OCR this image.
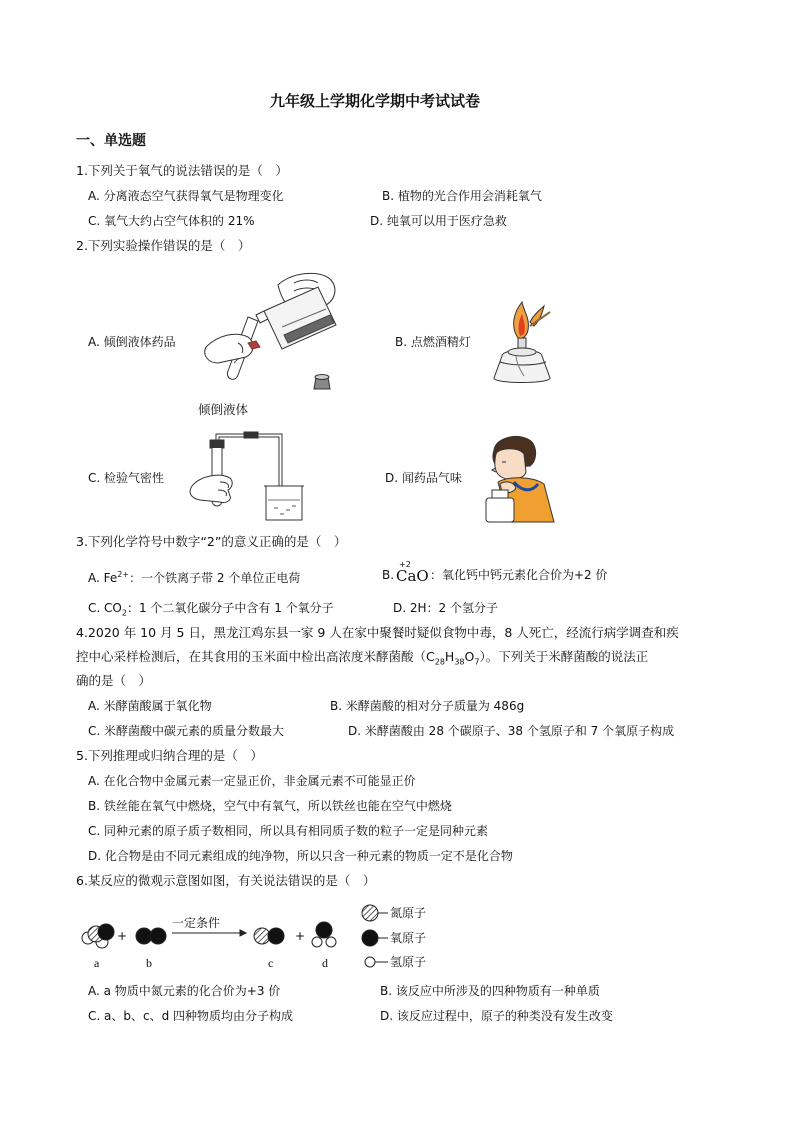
九年级上学期化学期中考试试卷
一、单选题
1.下列关于氧气的说法错误的是（　）
A. 分离液态空气获得氧气是物理变化	B. 植物的光合作用会消耗氧气
C. 氧气大约占空气体积的 21%	D. 纯氧可以用于医疗急救
2.下列实验操作错误的是（　）
A. 倾倒液体药品
倾倒液体
B. 点燃酒精灯
C. 检验气密性	D. 闻药品气味
3.下列化学符号中数字“2”的意义正确的是（　）
A. $Fe^{2+}$：一个铁离子带 2 个单位正电荷	B.
+2
CaO ：氧化钙中钙元素化合价为+2 价
C. $CO_2$：1 个二氧化碳分子中含有 1 个氧分子	D. 2H：2 个氢分子
4.2020 年 10 月 5 日，黑龙江鸡东县一家 9 人在家中聚餐时疑似食物中毒，8 人死亡，经流行病学调查和疾
控中心采样检测后，在其食用的玉米面中检出高浓度米酵菌酸$(C_{28}H_{38}O_7)$。下列关于米酵菌酸的说法正
确的是（　）
A. 米酵菌酸属于氧化物	B. 米酵菌酸的相对分子质量为 486g
C. 米酵菌酸中碳元素的质量分数最大	D. 米酵菌酸由 28 个碳原子、38 个氢原子和 7 个氧原子构成
5.下列推理或归纳合理的是（　）
A. 在化合物中金属元素一定显正价，非金属元素不可能显正价
B. 铁丝能在氧气中燃烧，空气中有氧气，所以铁丝也能在空气中燃烧
C. 同种元素的原子质子数相同，所以具有相同质子数的粒子一定是同种元素
D. 化合物是由不同元素组成的纯净物，所以只含一种元素的物质一定不是化合物
6.某反应的微观示意图如图，有关说法错误的是（　）
+	+
一定条件
a	b	c	d
氮原子
氧原子
氢原子
A. a 物质中氮元素的化合价为+3 价	B. 该反应中所涉及的四种物质有一种单质
C. a、b、c、d 四种物质均由分子构成	D. 该反应过程中，原子的种类没有发生改变
